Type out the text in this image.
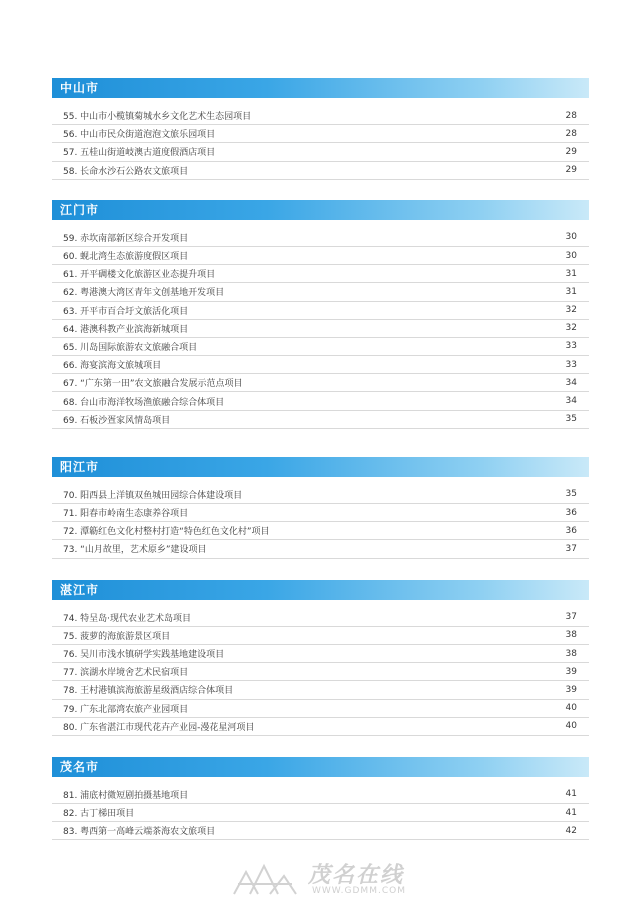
中山市
55. 中山市小榄镇菊城水乡文化艺术生态园项目	28
56. 中山市民众街道泡泡文旅乐园项目	28
57. 五桂山街道岐澳古道度假酒店项目	29
58. 长命水沙石公路农文旅项目	29
江门市
59. 赤坎南部新区综合开发项目	30
60. 蚬北湾生态旅游度假区项目	30
61. 开平碉楼文化旅游区业态提升项目	31
62. 粤港澳大湾区青年文创基地开发项目	31
63. 开平市百合圩文旅活化项目	32
64. 港澳科教产业滨海新城项目	32
65. 川岛国际旅游农文旅融合项目	33
66. 海宴滨海文旅城项目	33
67. “广东第一田”农文旅融合发展示范点项目	34
68. 台山市海洋牧场渔旅融合综合体项目	34
69. 石板沙疍家风情岛项目	35
阳江市
70. 阳西县上洋镇双鱼城田园综合体建设项目	35
71. 阳春市岭南生态康养谷项目	36
72. 潭簕红色文化村整村打造“特色红色文化村”项目	36
73. “山月故里，艺术原乡”建设项目	37
湛江市
74. 特呈岛·现代农业艺术岛项目	37
75. 菠萝的海旅游景区项目	38
76. 吴川市浅水镇研学实践基地建设项目	38
77. 滨湖水岸境舍艺术民宿项目	39
78. 王村港镇滨海旅游星级酒店综合体项目	39
79. 广东北部湾农旅产业园项目	40
80. 广东省湛江市现代花卉产业园-漫花星河项目	40
茂名市
81. 浦底村微短剧拍摄基地项目	41
82. 古丁梯田项目	41
83. 粤西第一高峰云端茶海农文旅项目	42
茂名在线
WWW.GDMM.COM
